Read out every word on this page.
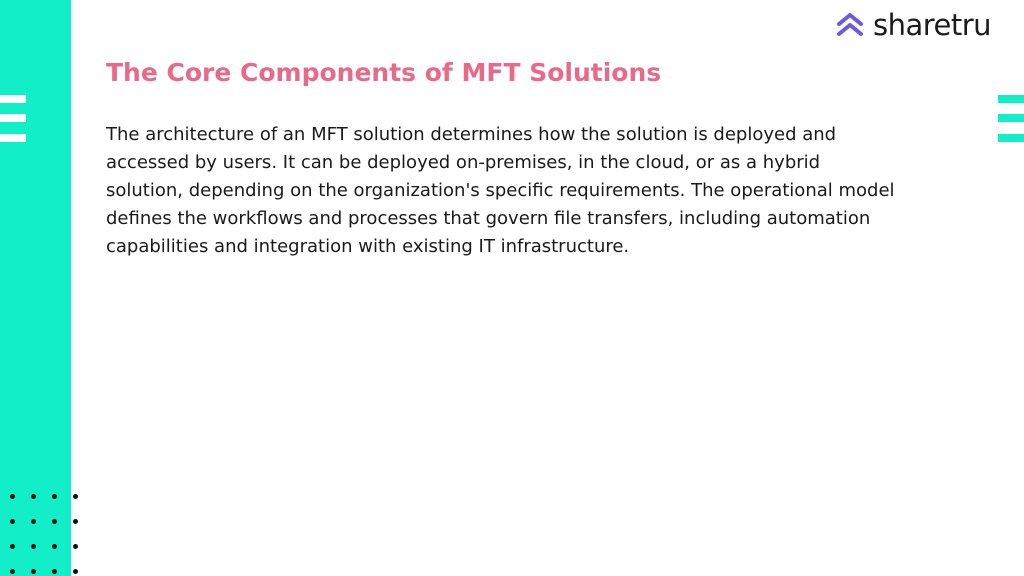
sharetru
The Core Components of MFT Solutions
The architecture of an MFT solution determines how the solution is deployed and accessed by users. It can be deployed on-premises, in the cloud, or as a hybrid solution, depending on the organization's specific requirements. The operational model defines the workflows and processes that govern file transfers, including automation capabilities and integration with existing IT infrastructure.
